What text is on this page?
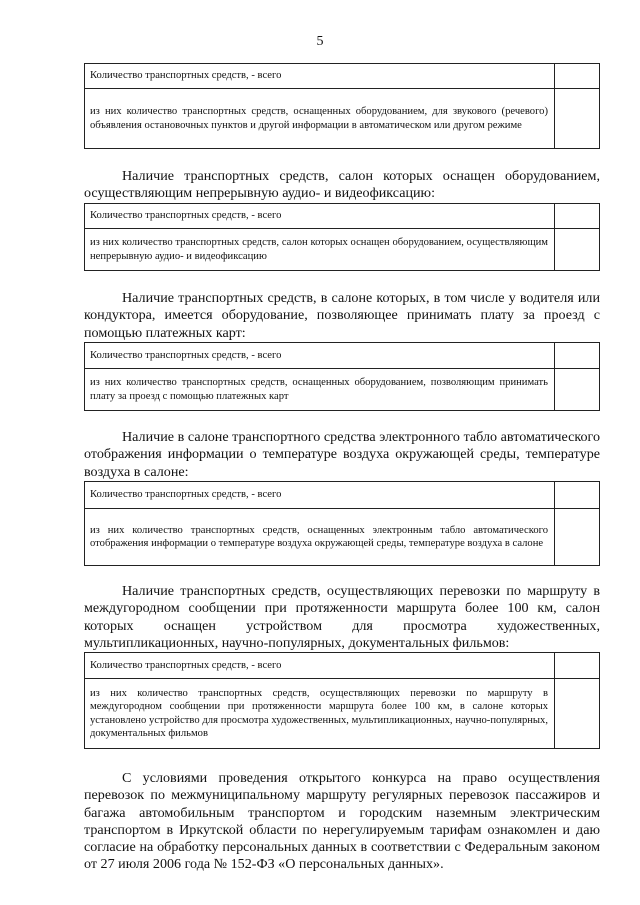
5
Количество транспортных средств, - всего	
из них количество транспортных средств, оснащенных оборудованием, для звукового (речевого) объявления остановочных пунктов и другой информации в автоматическом или другом режиме	

Наличие транспортных средств, салон которых оснащен оборудованием, осуществляющим непрерывную аудио- и видеофиксацию:

Количество транспортных средств, - всего	
из них количество транспортных средств, салон которых оснащен оборудованием, осуществляющим непрерывную аудио- и видеофиксацию	

Наличие транспортных средств, в салоне которых, в том числе у водителя или кондуктора, имеется оборудование, позволяющее принимать плату за проезд с помощью платежных карт:

Количество транспортных средств, - всего	
из них количество транспортных средств, оснащенных оборудованием, позволяющим принимать плату за проезд с помощью платежных карт	

Наличие в салоне транспортного средства электронного табло автоматического отображения информации о температуре воздуха окружающей среды, температуре воздуха в салоне:

Количество транспортных средств, - всего	
из них количество транспортных средств, оснащенных электронным табло автоматического отображения информации о температуре воздуха окружающей среды, температуре воздуха в салоне	

Наличие транспортных средств, осуществляющих перевозки по маршруту в междугородном сообщении при протяженности маршрута более 100 км, салон которых оснащен устройством для просмотра художественных, мультипликационных, научно-популярных, документальных фильмов:

Количество транспортных средств, - всего	
из них количество транспортных средств, осуществляющих перевозки по маршруту в междугородном сообщении при протяженности маршрута более 100 км, в салоне которых установлено устройство для просмотра художественных, мультипликационных, научно-популярных, документальных фильмов	

С условиями проведения открытого конкурса на право осуществления перевозок по межмуниципальному маршруту регулярных перевозок пассажиров и багажа автомобильным транспортом и городским наземным электрическим транспортом в Иркутской области по нерегулируемым тарифам ознакомлен и даю согласие на обработку персональных данных в соответствии с Федеральным законом от 27 июля 2006 года № 152-ФЗ «О персональных данных».
